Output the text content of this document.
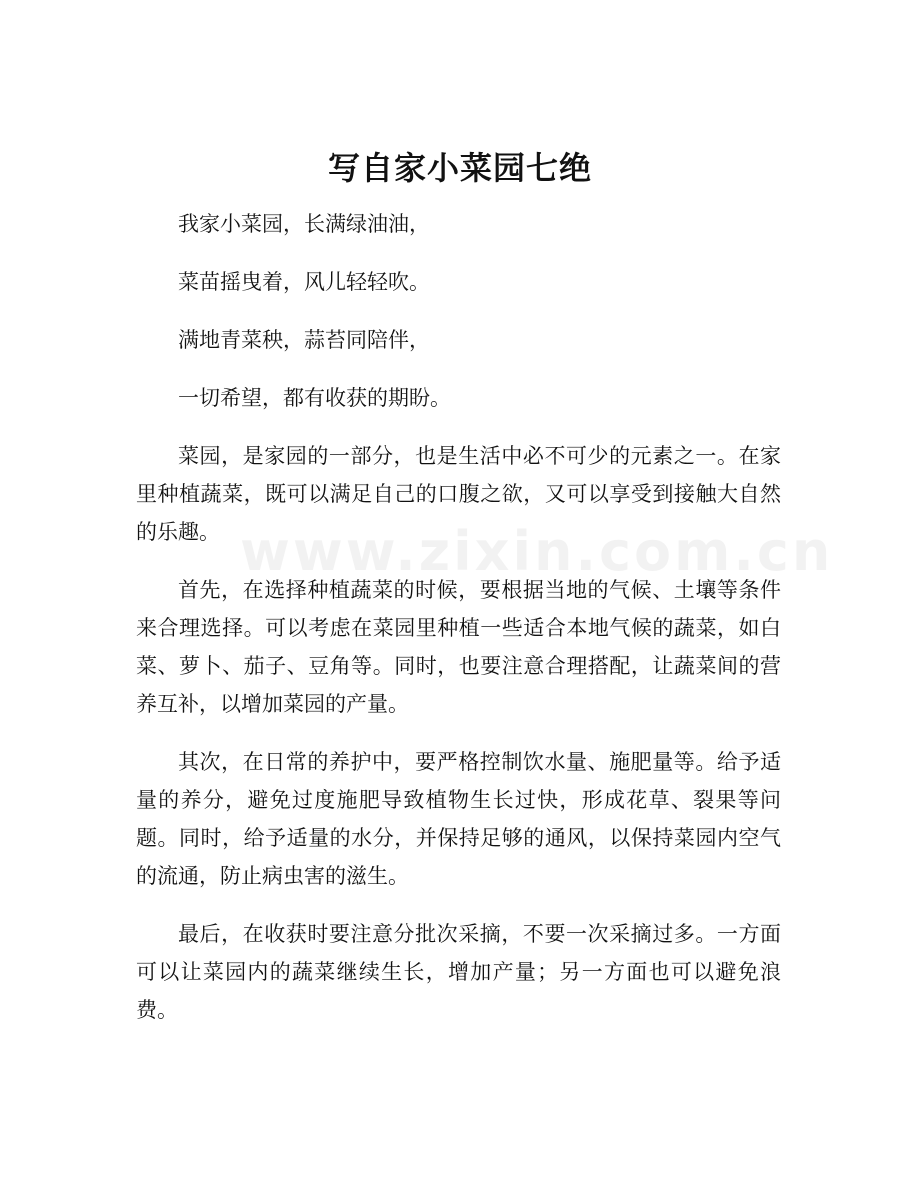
www.zixin.com.cn
写自家小菜园七绝

我家小菜园，长满绿油油，

菜苗摇曳着，风儿轻轻吹。

满地青菜秧，蒜苔同陪伴，

一切希望，都有收获的期盼。

菜园，是家园的一部分，也是生活中必不可少的元素之一。在家里种植蔬菜，既可以满足自己的口腹之欲，又可以享受到接触大自然的乐趣。

首先，在选择种植蔬菜的时候，要根据当地的气候、土壤等条件来合理选择。可以考虑在菜园里种植一些适合本地气候的蔬菜，如白菜、萝卜、茄子、豆角等。同时，也要注意合理搭配，让蔬菜间的营养互补，以增加菜园的产量。

其次，在日常的养护中，要严格控制饮水量、施肥量等。给予适量的养分，避免过度施肥导致植物生长过快，形成花草、裂果等问题。同时，给予适量的水分，并保持足够的通风，以保持菜园内空气的流通，防止病虫害的滋生。

最后，在收获时要注意分批次采摘，不要一次采摘过多。一方面可以让菜园内的蔬菜继续生长，增加产量；另一方面也可以避免浪费。
